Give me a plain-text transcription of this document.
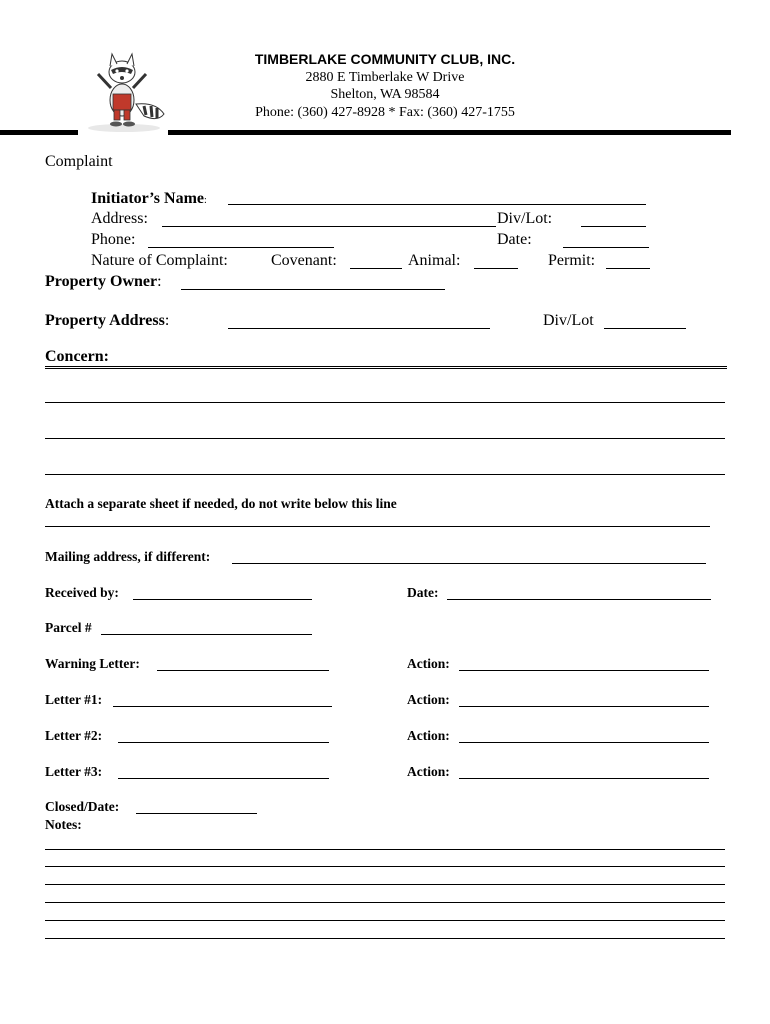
TIMBERLAKE COMMUNITY CLUB, INC.
2880 E Timberlake W Drive
Shelton, WA 98584
Phone: (360) 427-8928 * Fax: (360) 427-1755
Complaint
Initiator’s Name:
Address:	Div/Lot:
Phone:	Date:
Nature of Complaint:	Covenant:	Animal:	Permit:
Property Owner:
Property Address:	Div/Lot
Concern:
Attach a separate sheet if needed, do not write below this line
Mailing address, if different:
Received by:	Date:
Parcel #
Warning Letter:	Action:
Letter #1:	Action:
Letter #2:	Action:
Letter #3:	Action:
Closed/Date:
Notes:
